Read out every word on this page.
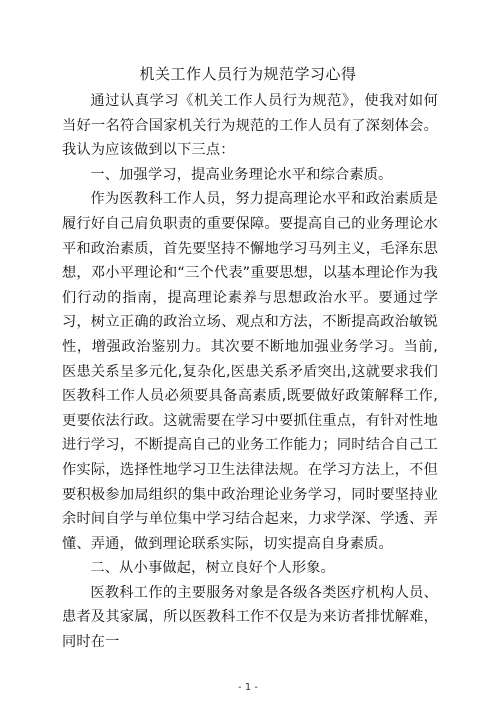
机关工作人员行为规范学习心得

通过认真学习《机关工作人员行为规范》，使我对如何当好一名符合国家机关行为规范的工作人员有了深刻体会。我认为应该做到以下三点：

一、加强学习，提高业务理论水平和综合素质。

作为医教科工作人员，努力提高理论水平和政治素质是履行好自己肩负职责的重要保障。要提高自己的业务理论水平和政治素质，首先要坚持不懈地学习马列主义，毛泽东思想，邓小平理论和“三个代表”重要思想，以基本理论作为我们行动的指南，提高理论素养与思想政治水平。要通过学习，树立正确的政治立场、观点和方法，不断提高政治敏锐性，增强政治鉴别力。其次要不断地加强业务学习。当前,医患关系呈多元化,复杂化,医患关系矛盾突出,这就要求我们医教科工作人员必须要具备高素质,既要做好政策解释工作,更要依法行政。这就需要在学习中要抓住重点，有针对性地进行学习，不断提高自己的业务工作能力；同时结合自己工作实际，选择性地学习卫生法律法规。在学习方法上，不但要积极参加局组织的集中政治理论业务学习，同时要坚持业余时间自学与单位集中学习结合起来，力求学深、学透、弄懂、弄通，做到理论联系实际，切实提高自身素质。

二、从小事做起，树立良好个人形象。

医教科工作的主要服务对象是各级各类医疗机构人员、患者及其家属，所以医教科工作不仅是为来访者排忧解难，同时在一

- 1 -
